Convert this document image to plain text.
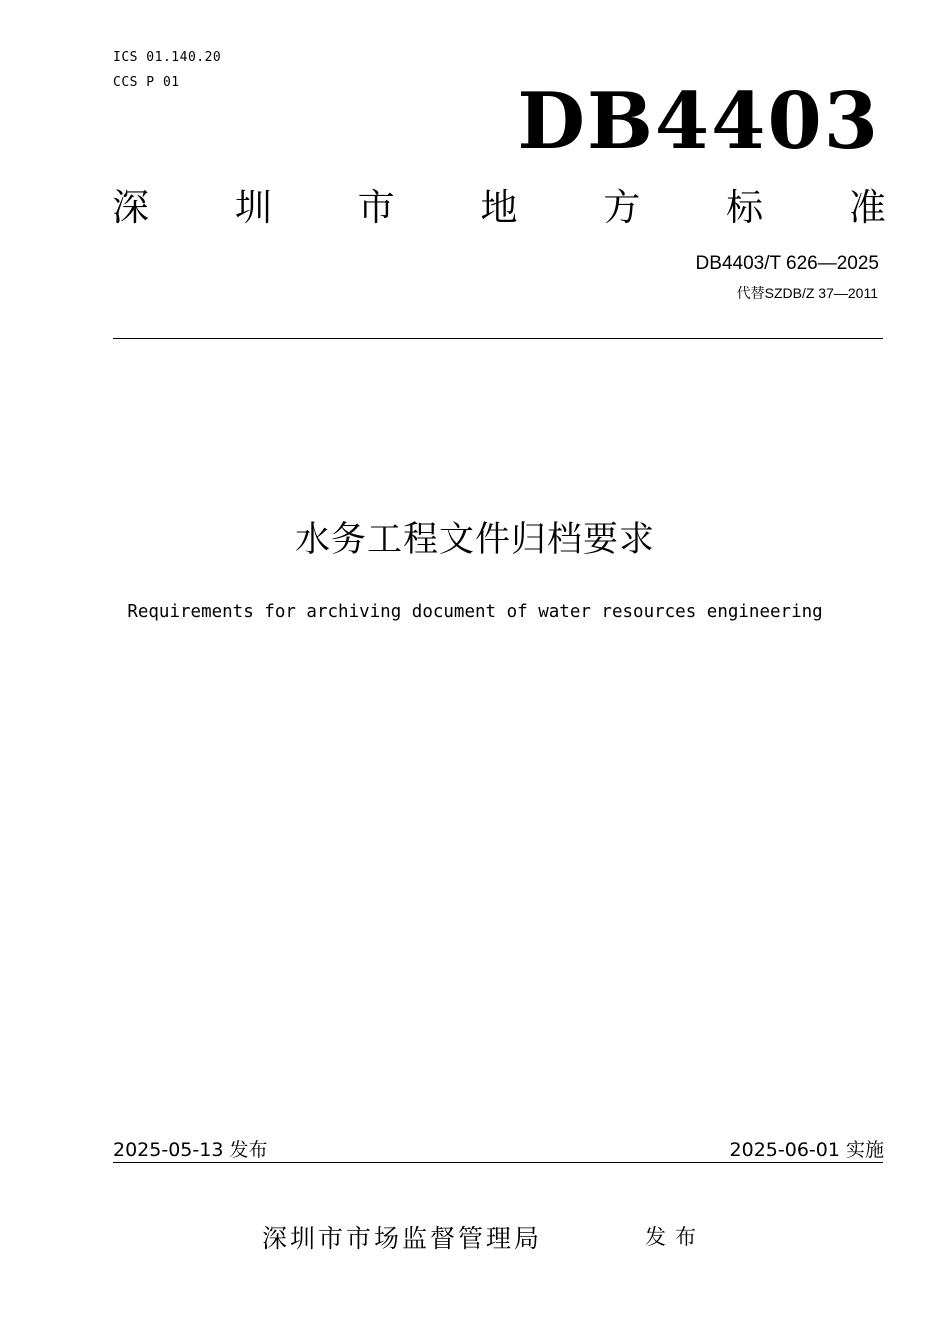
ICS 01.140.20
CCS P 01	DB4403
深 圳 市 地 方 标 准
DB4403/T 626—2025
代替SZDB/Z 37—2011
水务工程文件归档要求
Requirements for archiving document of water resources engineering
2025-05-13 发布	2025-06-01 实施
深圳市市场监督管理局	发布
